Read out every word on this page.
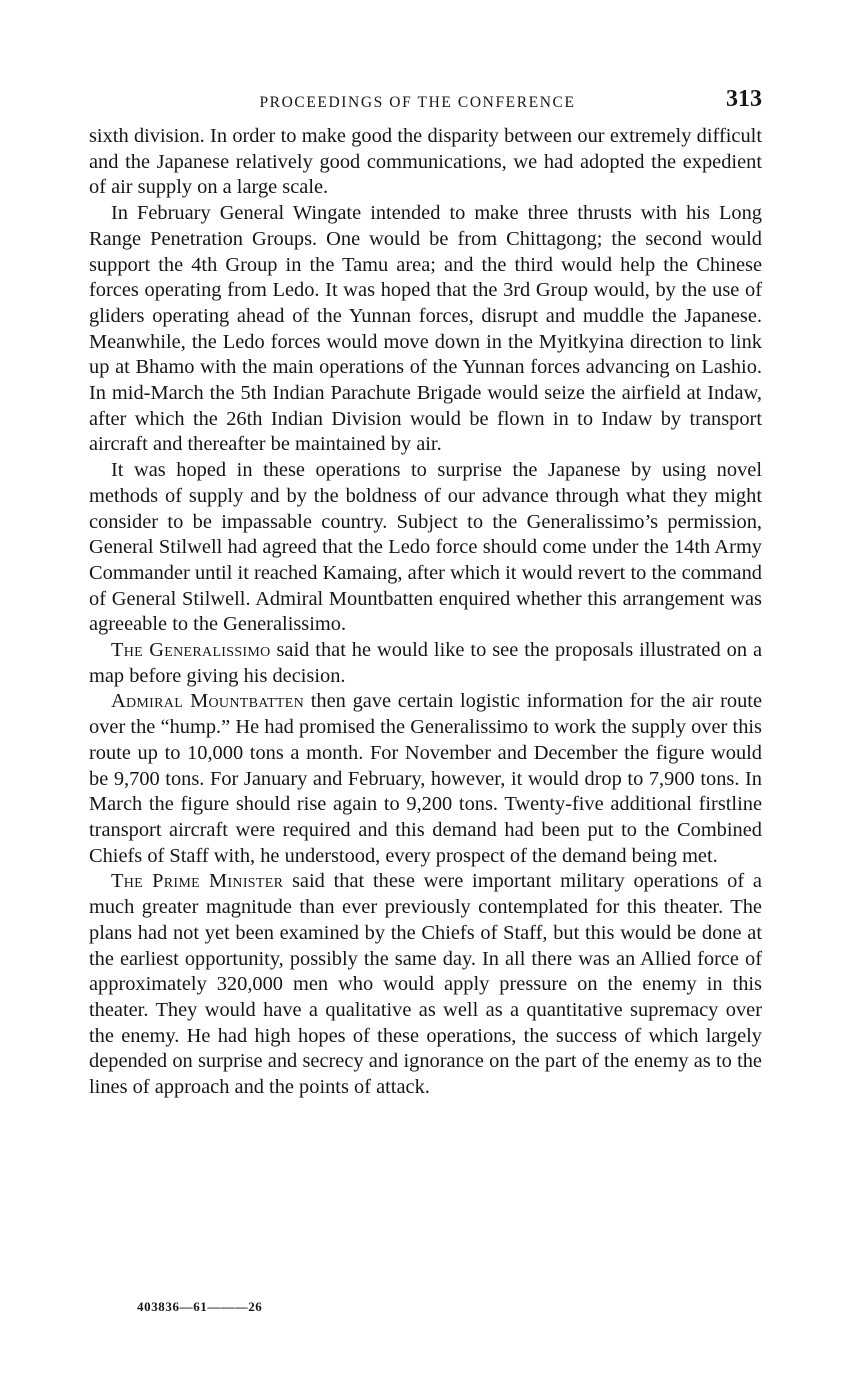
PROCEEDINGS OF THE CONFERENCE	313

sixth division. In order to make good the disparity between our extremely difficult and the Japanese relatively good communications, we had adopted the expedient of air supply on a large scale.

In February General Wingate intended to make three thrusts with his Long Range Penetration Groups. One would be from Chittagong; the second would support the 4th Group in the Tamu area; and the third would help the Chinese forces operating from Ledo. It was hoped that the 3rd Group would, by the use of gliders operating ahead of the Yunnan forces, disrupt and muddle the Japanese. Meanwhile, the Ledo forces would move down in the Myitkyina direction to link up at Bhamo with the main operations of the Yunnan forces advancing on Lashio. In mid-March the 5th Indian Parachute Brigade would seize the airfield at Indaw, after which the 26th Indian Division would be flown in to Indaw by transport aircraft and thereafter be maintained by air.

It was hoped in these operations to surprise the Japanese by using novel methods of supply and by the boldness of our advance through what they might consider to be impassable country. Subject to the Generalissimo’s permission, General Stilwell had agreed that the Ledo force should come under the 14th Army Commander until it reached Kamaing, after which it would revert to the command of General Stilwell. Admiral Mountbatten enquired whether this arrangement was agreeable to the Generalissimo.

The Generalissimo said that he would like to see the proposals illustrated on a map before giving his decision.

Admiral Mountbatten then gave certain logistic information for the air route over the “hump.” He had promised the Generalissimo to work the supply over this route up to 10,000 tons a month. For November and December the figure would be 9,700 tons. For January and February, however, it would drop to 7,900 tons. In March the figure should rise again to 9,200 tons. Twenty-five additional firstline transport aircraft were required and this demand had been put to the Combined Chiefs of Staff with, he understood, every prospect of the demand being met.

The Prime Minister said that these were important military operations of a much greater magnitude than ever previously contemplated for this theater. The plans had not yet been examined by the Chiefs of Staff, but this would be done at the earliest opportunity, possibly the same day. In all there was an Allied force of approximately 320,000 men who would apply pressure on the enemy in this theater. They would have a qualitative as well as a quantitative supremacy over the enemy. He had high hopes of these operations, the success of which largely depended on surprise and secrecy and ignorance on the part of the enemy as to the lines of approach and the points of attack.

403836—61———26
